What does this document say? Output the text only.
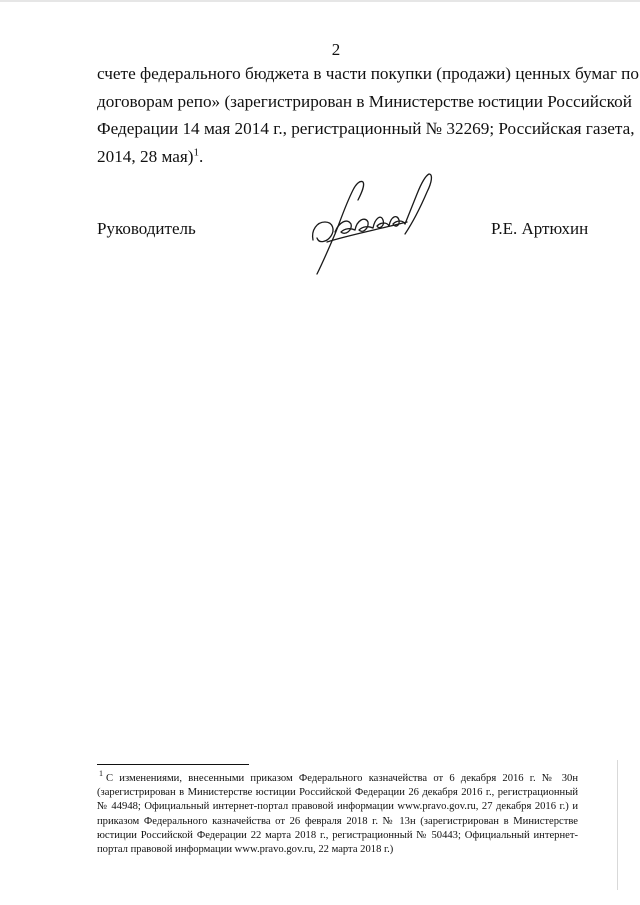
2

счете федерального бюджета в части покупки (продажи) ценных бумаг по
договорам репо» (зарегистрирован в Министерстве юстиции Российской
Федерации 14 мая 2014 г., регистрационный № 32269; Российская газета,
2014, 28 мая)$^1$.

Руководитель	Р.Е. Артюхин

$^1$ С изменениями, внесенными приказом Федерального казначейства от 6 декабря 2016 г. № 30н
(зарегистрирован в Министерстве юстиции Российской Федерации 26 декабря 2016 г., регистрационный
№ 44948; Официальный интернет-портал правовой информации www.pravo.gov.ru, 27 декабря 2016 г.) и
приказом Федерального казначейства от 26 февраля 2018 г. № 13н (зарегистрирован в Министерстве
юстиции Российской Федерации 22 марта 2018 г., регистрационный № 50443; Официальный интернет-
портал правовой информации www.pravo.gov.ru, 22 марта 2018 г.)
